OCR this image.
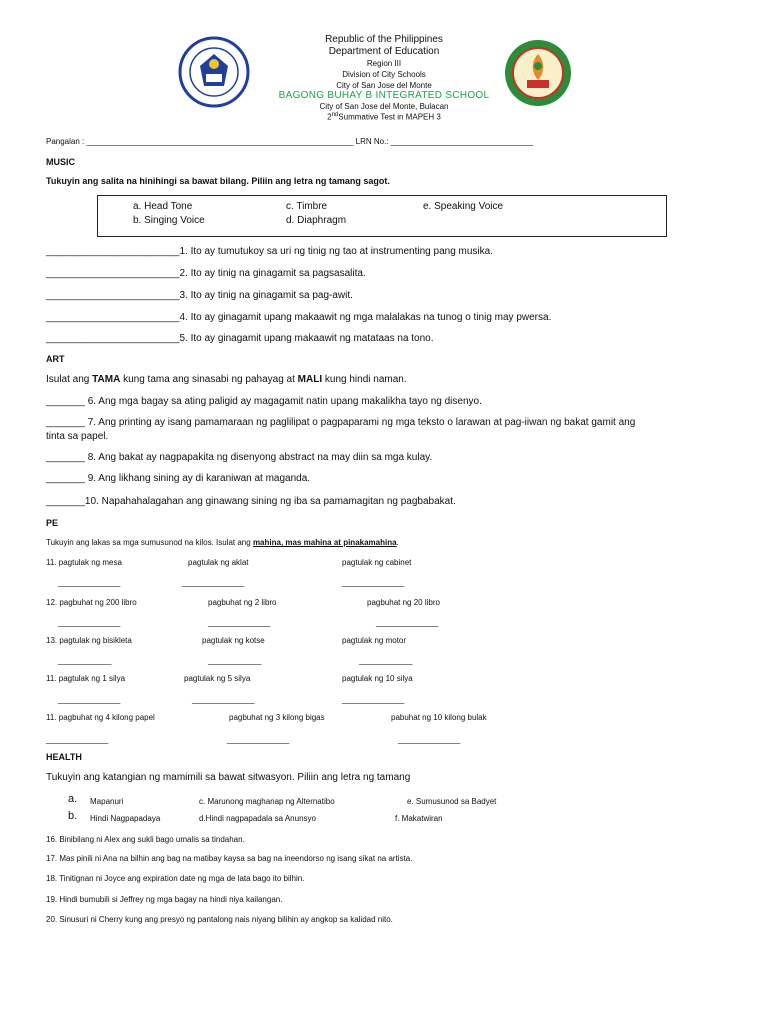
Republic of the Philippines
Department of Education
Region III
Division of City Schools
City of San Jose del Monte
BAGONG BUHAY B INTEGRATED SCHOOL
City of San Jose del Monte, Bulacan
2ndSummative Test in MAPEH 3
Pangalan : ____________________________________________________________ LRN No.: ________________________________
MUSIC
Tukuyin ang salita na hinihingi sa bawat bilang. Piliin ang letra ng tamang sagot.
a. Head Tone
b. Singing Voice
c. Timbre
d. Diaphragm
e. Speaking Voice
________________________1. Ito ay tumutukoy sa uri ng tinig ng tao at instrumenting pang musika.
________________________2. Ito ay tinig na ginagamit sa pagsasalita.
________________________3. Ito ay tinig na ginagamit sa pag-awit.
________________________4. Ito ay ginagamit upang makaawit ng mga malalakas na tunog o tinig may pwersa.
________________________5. Ito ay ginagamit upang makaawit ng matataas na tono.
ART
Isulat ang TAMA kung tama ang sinasabi ng pahayag at MALI kung hindi naman.
_______ 6. Ang mga bagay sa ating paligid ay magagamit natin upang makalikha tayo ng disenyo.
_______ 7. Ang printing ay isang pamamaraan ng paglilipat o pagpaparami ng mga teksto o larawan at pag-iiwan ng bakat gamit ang
tinta sa papel.
_______ 8. Ang bakat ay nagpapakita ng disenyong abstract na may diin sa mga kulay.
_______ 9. Ang likhang sining ay di karaniwan at maganda.
_______10. Napahahalagahan ang ginawang sining ng iba sa pamamagitan ng pagbabakat.
PE
Tukuyin ang lakas sa mga sumusunod na kilos. Isulat ang mahina, mas mahina at pinakamahina.
11. pagtulak ng mesa	pagtulak ng aklat	pagtulak ng cabinet
______________	______________	______________
12. pagbuhat ng 200 libro	pagbuhat ng 2 libro	pagbuhat ng 20 libro
______________	______________	______________
13. pagtulak ng bisikleta	pagtulak ng kotse	pagtulak ng motor
____________	____________	____________
11. pagtulak ng 1 silya	pagtulak ng 5 silya	pagtulak ng 10 silya
______________	______________	______________
11. pagbuhat ng 4 kilong papel	pagbuhat ng 3 kilong bigas	pabuhat ng 10 kilong bulak
______________	______________	______________
HEALTH
Tukuyin ang katangian ng mamimili sa bawat sitwasyon. Piliin ang letra ng tamang
a. Mapanuri	c. Marunong maghanap ng Alternatibo	e. Sumusunod sa Badyet
b. Hindi Nagpapadaya	d.Hindi nagpapadala sa Anunsyo	f. Makatwiran
16. Binibilang ni Alex ang sukli bago umalis sa tindahan.
17. Mas pinili ni Ana na bilhin ang bag na matibay kaysa sa bag na ineendorso ng isang sikat na artista.
18. Tinitignan ni Joyce ang expiration date ng mga de lata bago ito bilhin.
19. Hindi bumubili si Jeffrey ng mga bagay na hindi niya kailangan.
20. Sinusuri ni Cherry kung ang presyo ng pantalong nais niyang bilihin ay angkop sa kalidad nito.
